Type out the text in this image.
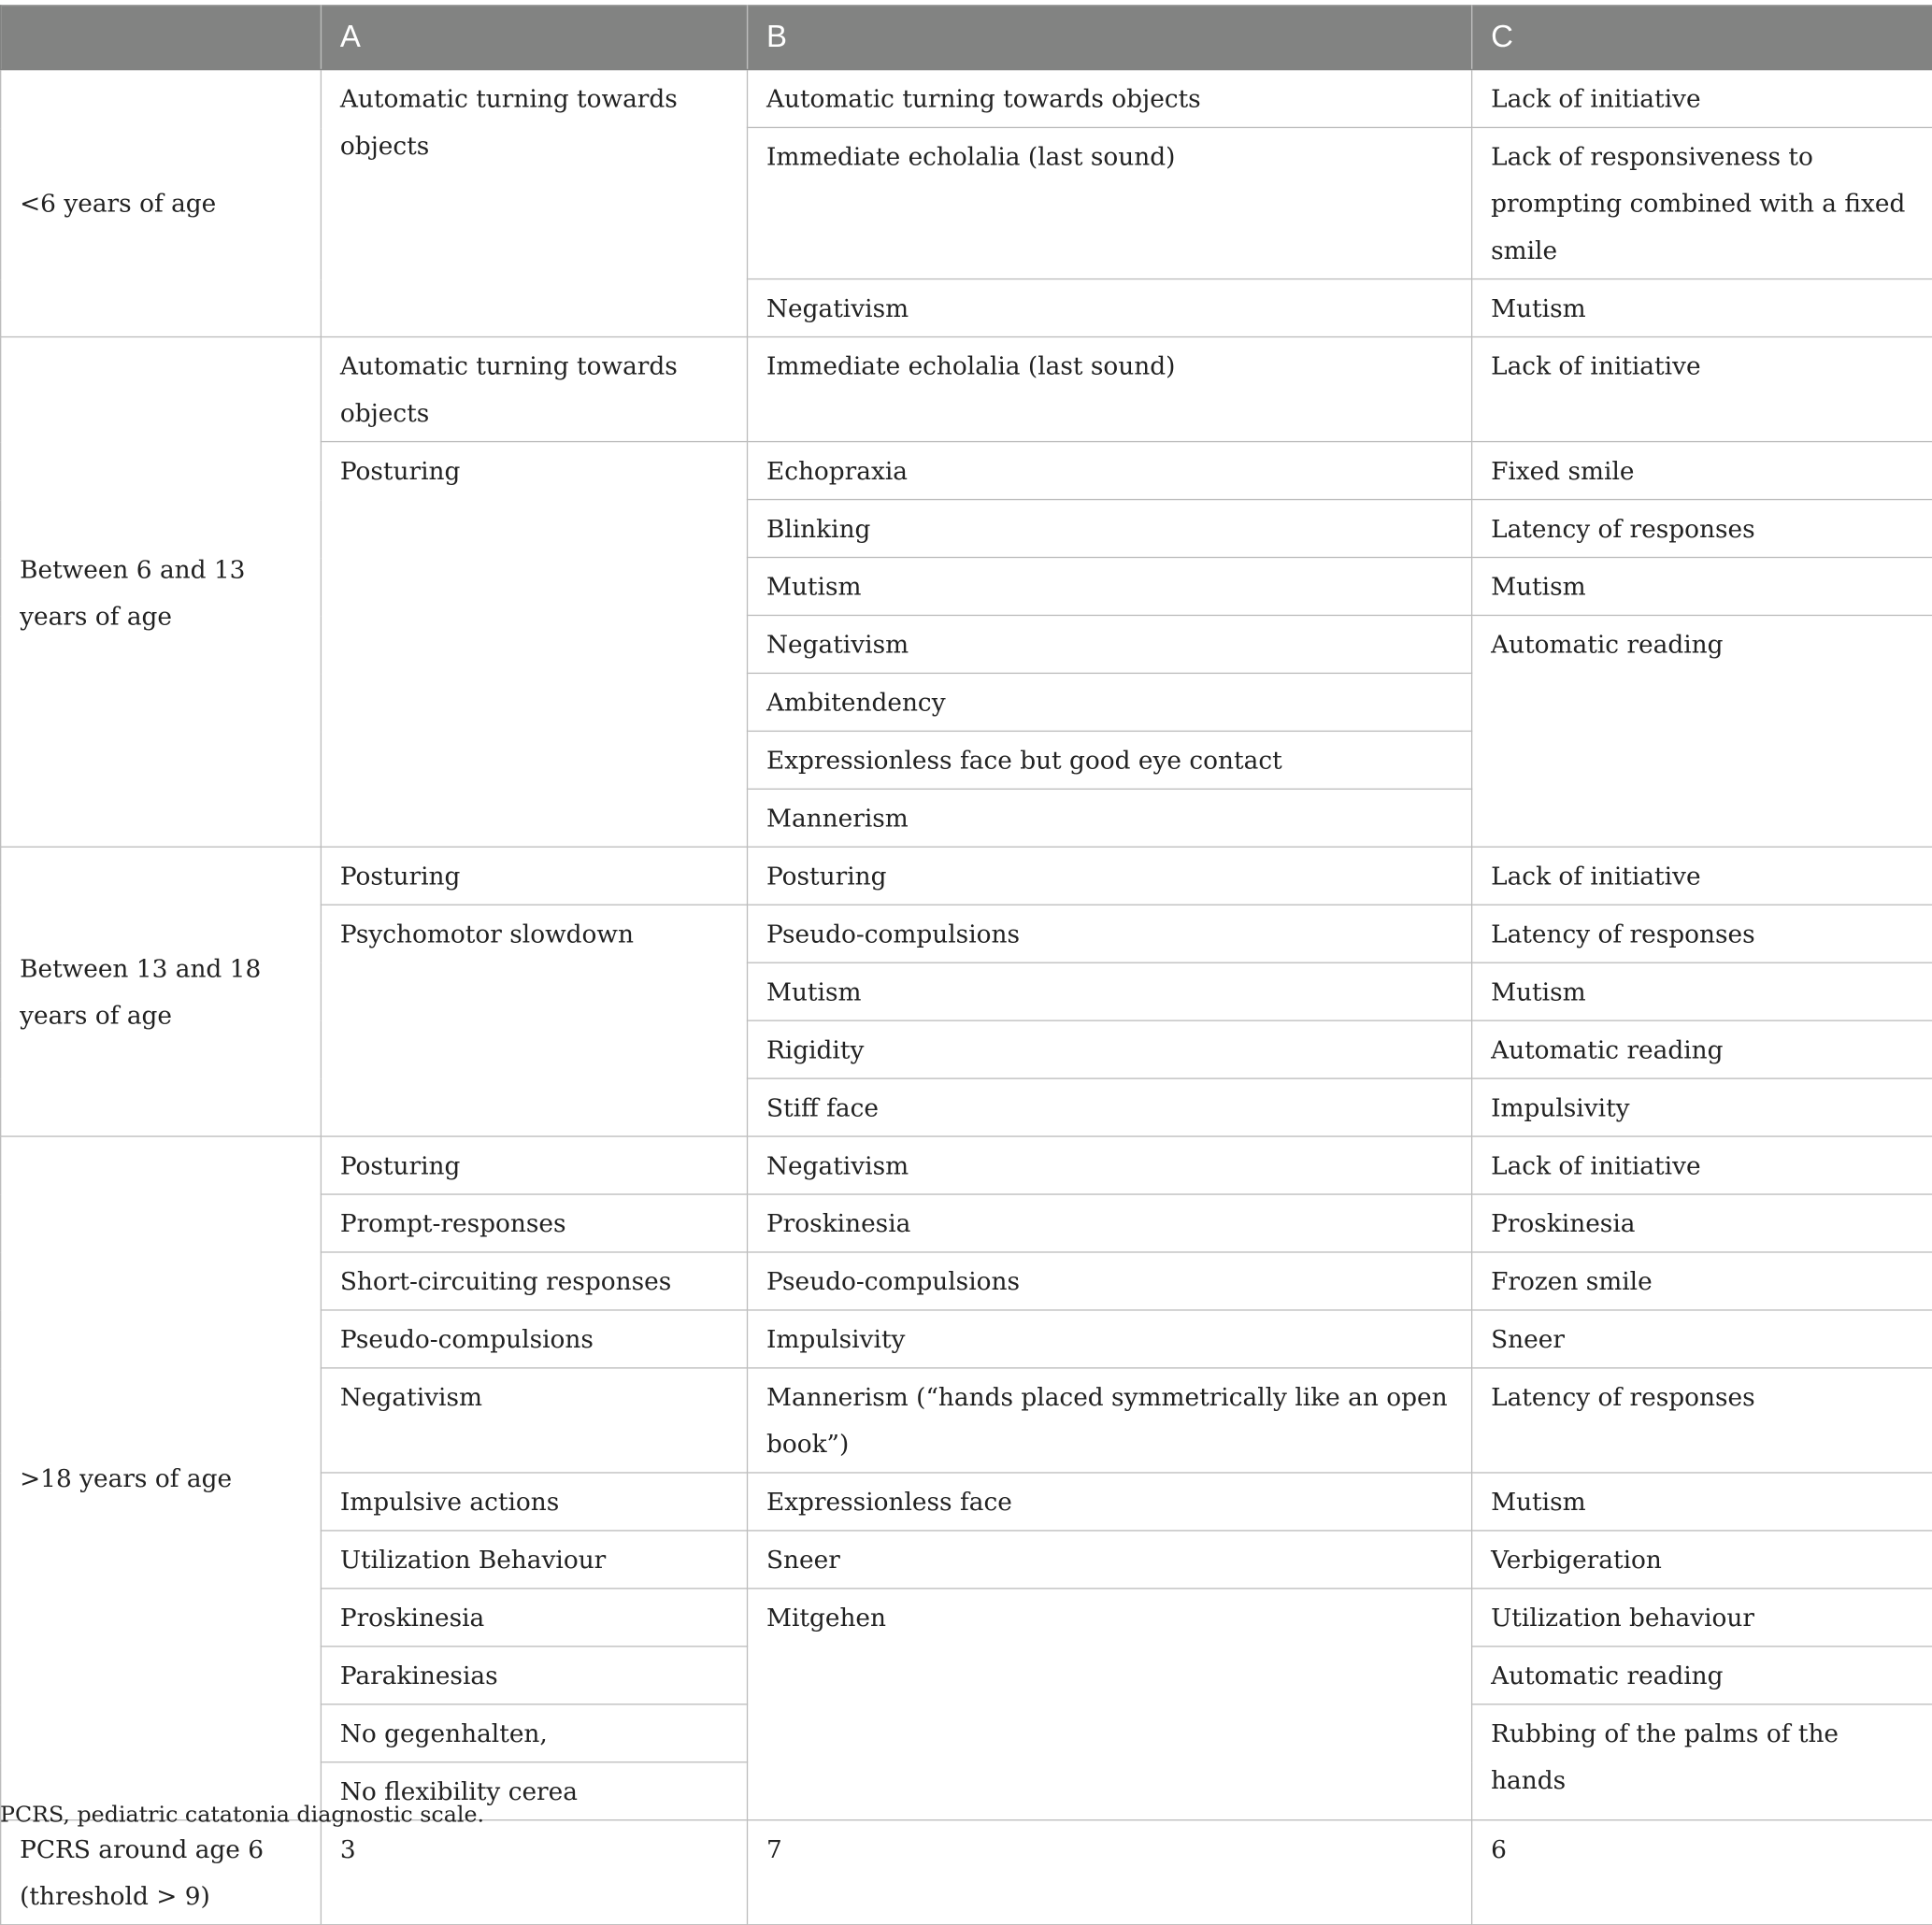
	A	B	C
<6 years of age	Automatic turning towards objects	Automatic turning towards objects	Lack of initiative
		Immediate echolalia (last sound)	Lack of responsiveness to prompting combined with a fixed smile
		Negativism	Mutism
Between 6 and 13 years of age	Automatic turning towards objects	Immediate echolalia (last sound)	Lack of initiative
	Posturing	Echopraxia	Fixed smile
		Blinking	Latency of responses
		Mutism	Mutism
		Negativism	Automatic reading
		Ambitendency	
		Expressionless face but good eye contact	
		Mannerism	
Between 13 and 18 years of age	Posturing	Posturing	Lack of initiative
	Psychomotor slowdown	Pseudo-compulsions	Latency of responses
		Mutism	Mutism
		Rigidity	Automatic reading
		Stiff face	Impulsivity
>18 years of age	Posturing	Negativism	Lack of initiative
	Prompt-responses	Proskinesia	Proskinesia
	Short-circuiting responses	Pseudo-compulsions	Frozen smile
	Pseudo-compulsions	Impulsivity	Sneer
	Negativism	Mannerism (“hands placed symmetrically like an open book”)	Latency of responses
	Impulsive actions	Expressionless face	Mutism
	Utilization Behaviour	Sneer	Verbigeration
	Proskinesia	Mitgehen	Utilization behaviour
	Parakinesias		Automatic reading
	No gegenhalten,		Rubbing of the palms of the hands
	No flexibility cerea		
PCRS around age 6 (threshold > 9)	3	7	6
PCRS, pediatric catatonia diagnostic scale.
